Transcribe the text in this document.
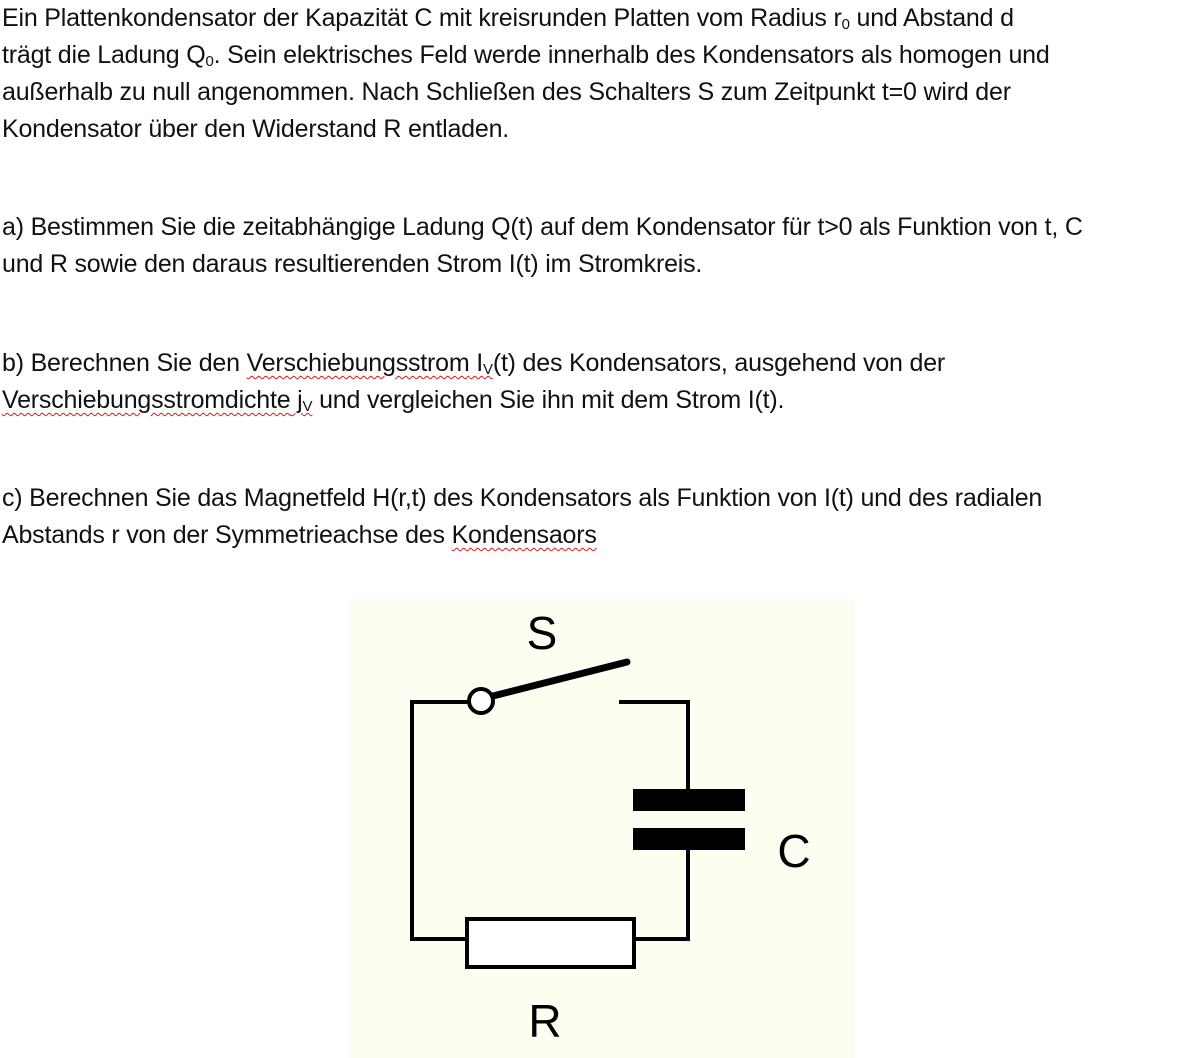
Ein Plattenkondensator der Kapazität C mit kreisrunden Platten vom Radius $r_0$ und Abstand d
trägt die Ladung $Q_0$. Sein elektrisches Feld werde innerhalb des Kondensators als homogen und
außerhalb zu null angenommen. Nach Schließen des Schalters S zum Zeitpunkt t=0 wird der
Kondensator über den Widerstand R entladen.

a) Bestimmen Sie die zeitabhängige Ladung Q(t) auf dem Kondensator für t>0 als Funktion von t, C
und R sowie den daraus resultierenden Strom I(t) im Stromkreis.

b) Berechnen Sie den Verschiebungsstrom $I_V(t)$ des Kondensators, ausgehend von der
Verschiebungsstromdichte $j_V$ und vergleichen Sie ihn mit dem Strom I(t).

c) Berechnen Sie das Magnetfeld H(r,t) des Kondensators als Funktion von I(t) und des radialen
Abstands r von der Symmetrieachse des Kondensaors

S
C
R
